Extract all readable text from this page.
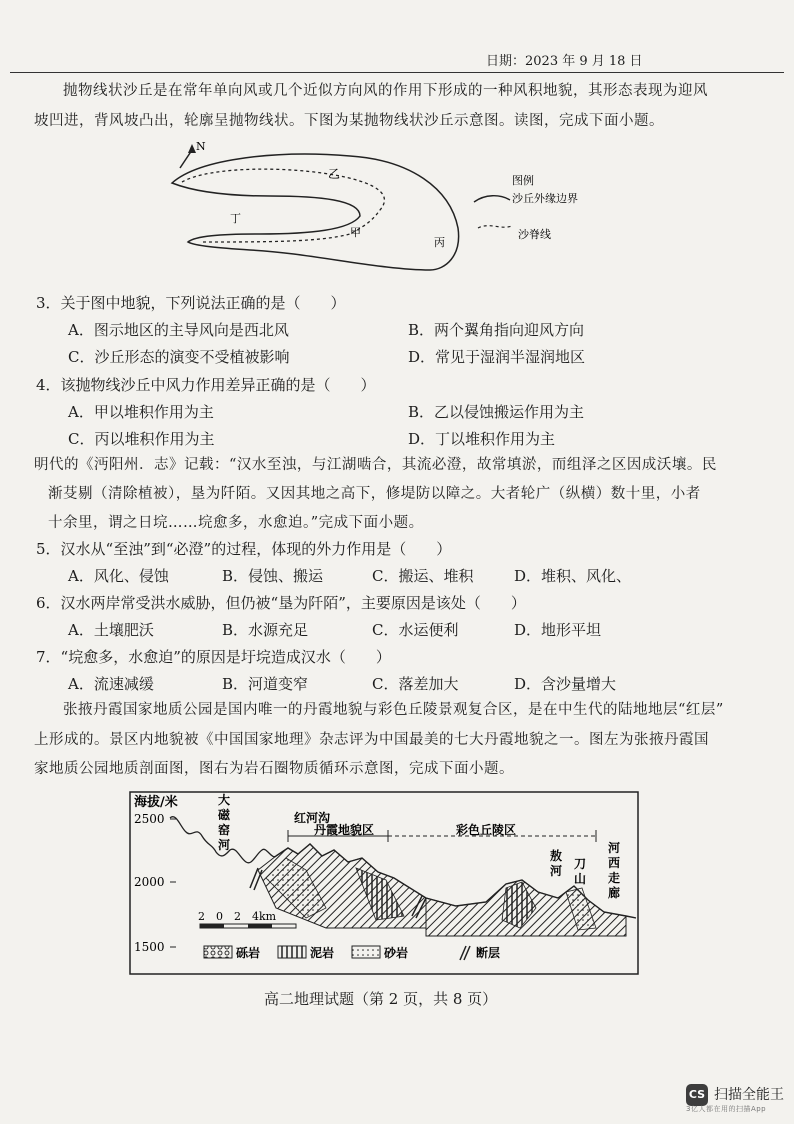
日期：2023 年 9 月 18 日
抛物线状沙丘是在常年单向风或几个近似方向风的作用下形成的一种风积地貌，其形态表现为迎风
坡凹进，背风坡凸出，轮廓呈抛物线状。下图为某抛物线状沙丘示意图。读图，完成下面小题。
N
乙
甲
丙
丁
图例
沙丘外缘边界
沙脊线
3．关于图中地貌，下列说法正确的是（　　）
A．图示地区的主导风向是西北风	B．两个翼角指向迎风方向
C．沙丘形态的演变不受植被影响	D．常见于湿润半湿润地区
4．该抛物线沙丘中风力作用差异正确的是（　　）
A．甲以堆积作用为主	B．乙以侵蚀搬运作用为主
C．丙以堆积作用为主	D．丁以堆积作用为主
明代的《沔阳州．志》记载：“汉水至浊，与江湖啮合，其流必澄，故常填淤，而组泽之区因成沃壤。民
渐芟剔（清除植被），垦为阡陌。又因其地之高下，修堤防以障之。大者轮广（纵横）数十里，小者
十余里，谓之日垸……垸愈多，水愈迫。”完成下面小题。
5．汉水从“至浊”到“必澄”的过程，体现的外力作用是（　　）
A．风化、侵蚀	B．侵蚀、搬运	C．搬运、堆积	D．堆积、风化、
6．汉水两岸常受洪水威胁，但仍被“垦为阡陌”，主要原因是该处（　　）
A．土壤肥沃	B．水源充足	C．水运便利	D．地形平坦
7．“垸愈多，水愈迫”的原因是圩垸造成汉水（　　）
A．流速减缓	B．河道变窄	C．落差加大	D．含沙量增大
张掖丹霞国家地质公园是国内唯一的丹霞地貌与彩色丘陵景观复合区，是在中生代的陆地地层“红层”
上形成的。景区内地貌被《中国国家地理》杂志评为中国最美的七大丹霞地貌之一。图左为张掖丹霞国
家地质公园地质剖面图，图右为岩石圈物质循环示意图，完成下面小题。
海拔/米
2500
2000
1500
大
磁
窑
河
红河沟
丹霞地貌区	彩色丘陵区
敖
河 刀
山
河
西
走
廊
2　0　2　4km
砾岩	泥岩	砂岩	断层
高二地理试题（第 2 页，共 8 页）
CS 扫描全能王
3亿人都在用的扫描App
